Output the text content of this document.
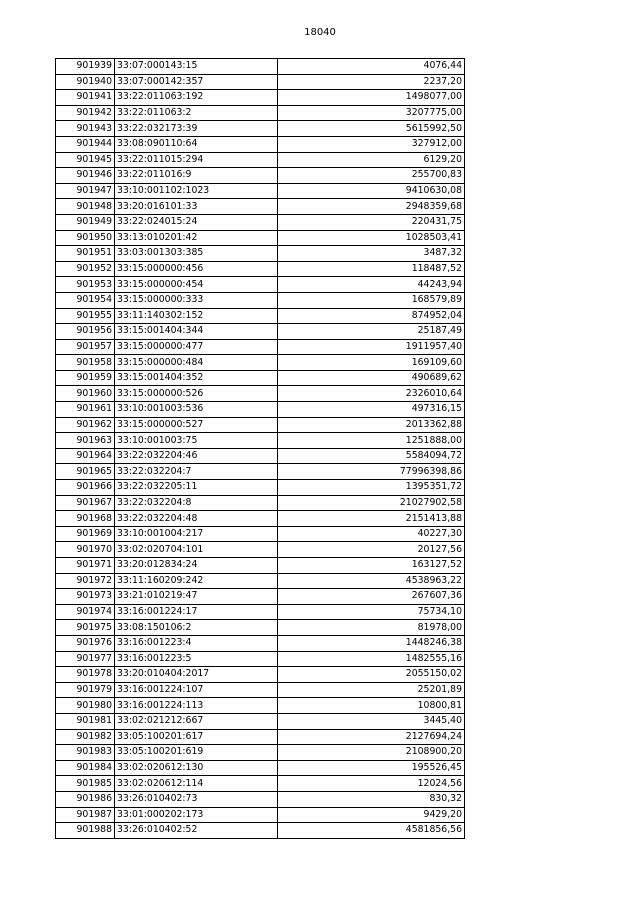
18040
901939	33:07:000143:15	4076,44
901940	33:07:000142:357	2237,20
901941	33:22:011063:192	1498077,00
901942	33:22:011063:2	3207775,00
901943	33:22:032173:39	5615992,50
901944	33:08:090110:64	327912,00
901945	33:22:011015:294	6129,20
901946	33:22:011016:9	255700,83
901947	33:10:001102:1023	9410630,08
901948	33:20:016101:33	2948359,68
901949	33:22:024015:24	220431,75
901950	33:13:010201:42	1028503,41
901951	33:03:001303:385	3487,32
901952	33:15:000000:456	118487,52
901953	33:15:000000:454	44243,94
901954	33:15:000000:333	168579,89
901955	33:11:140302:152	874952,04
901956	33:15:001404:344	25187,49
901957	33:15:000000:477	1911957,40
901958	33:15:000000:484	169109,60
901959	33:15:001404:352	490689,62
901960	33:15:000000:526	2326010,64
901961	33:10:001003:536	497316,15
901962	33:15:000000:527	2013362,88
901963	33:10:001003:75	1251888,00
901964	33:22:032204:46	5584094,72
901965	33:22:032204:7	77996398,86
901966	33:22:032205:11	1395351,72
901967	33:22:032204:8	21027902,58
901968	33:22:032204:48	2151413,88
901969	33:10:001004:217	40227,30
901970	33:02:020704:101	20127,56
901971	33:20:012834:24	163127,52
901972	33:11:160209:242	4538963,22
901973	33:21:010219:47	267607,36
901974	33:16:001224:17	75734,10
901975	33:08:150106:2	81978,00
901976	33:16:001223:4	1448246,38
901977	33:16:001223:5	1482555,16
901978	33:20:010404:2017	2055150,02
901979	33:16:001224:107	25201,89
901980	33:16:001224:113	10800,81
901981	33:02:021212:667	3445,40
901982	33:05:100201:617	2127694,24
901983	33:05:100201:619	2108900,20
901984	33:02:020612:130	195526,45
901985	33:02:020612:114	12024,56
901986	33:26:010402:73	830,32
901987	33:01:000202:173	9429,20
901988	33:26:010402:52	4581856,56
